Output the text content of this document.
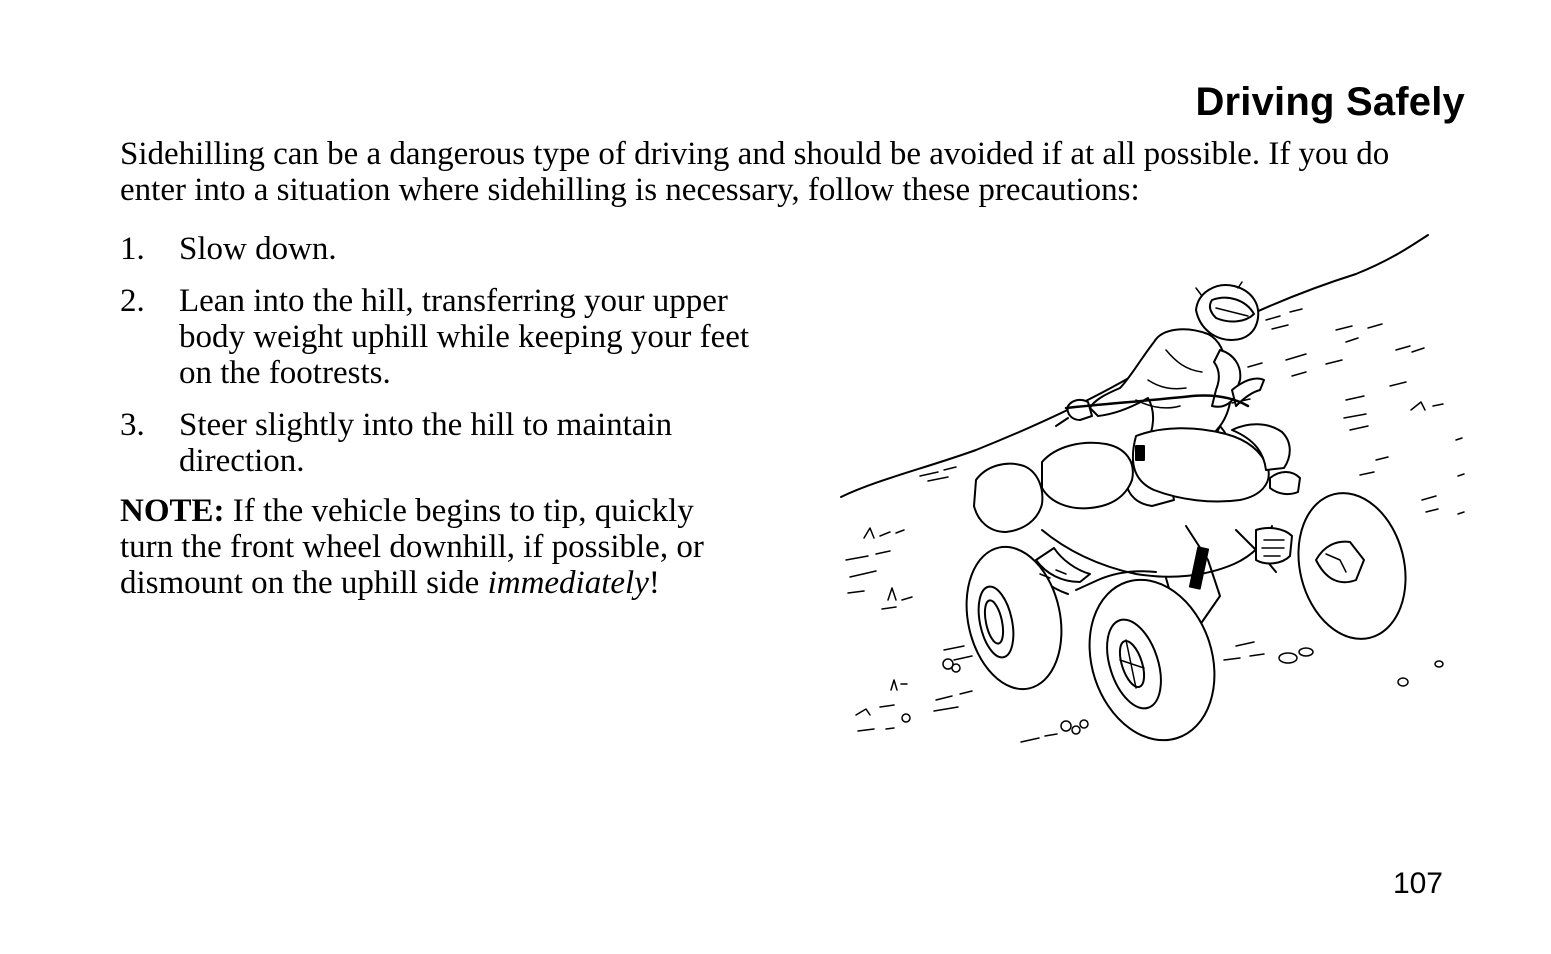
Driving Safely

Sidehilling can be a dangerous type of driving and should be avoided if at all possible. If you do enter into a situation where sidehilling is necessary, follow these precautions:

1.	Slow down.
2.	Lean into the hill, transferring your upper body weight uphill while keeping your feet on the footrests.
3.	Steer slightly into the hill to maintain direction.

NOTE: If the vehicle begins to tip, quickly turn the front wheel downhill, if possible, or dismount on the uphill side immediately!

107
